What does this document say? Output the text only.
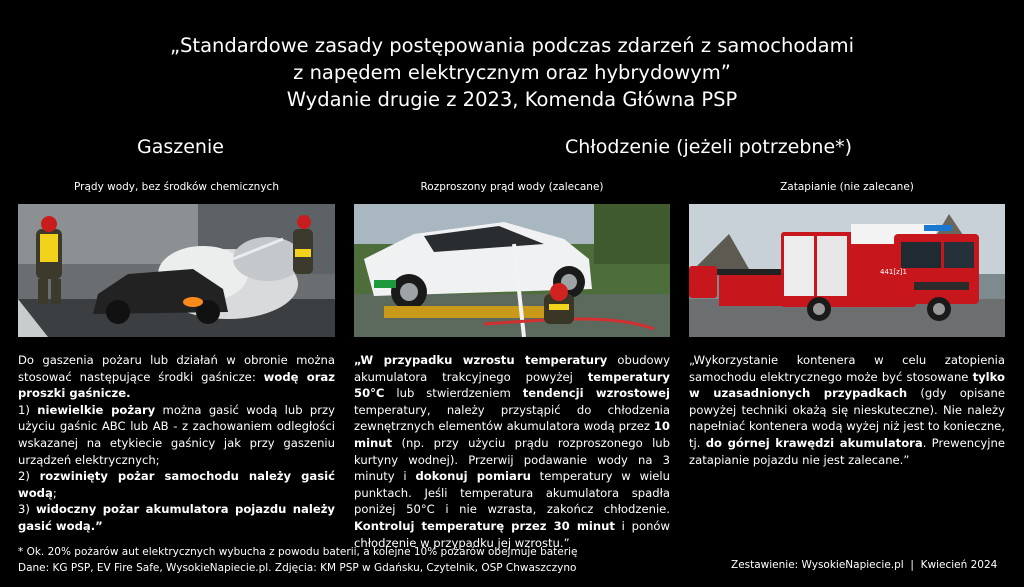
„Standardowe zasady postępowania podczas zdarzeń z samochodami
z napędem elektrycznym oraz hybrydowym”
Wydanie drugie z 2023, Komenda Główna PSP
Gaszenie	Chłodzenie (jeżeli potrzebne*)
Prądy wody, bez środków chemicznych	Rozproszony prąd wody (zalecane)	Zatapianie (nie zalecane)
441[z]1

Do gaszenia pożaru lub działań w obronie można stosować następujące środki gaśnicze: wodę oraz proszki gaśnicze.

1) niewielkie pożary można gasić wodą lub przy użyciu gaśnic ABC lub AB - z zachowaniem odległości wskazanej na etykiecie gaśnicy jak przy gaszeniu urządzeń elektrycznych;

2) rozwinięty pożar samochodu należy gasić wodą;

3) widoczny pożar akumulatora pojazdu należy gasić wodą.”

„W przypadku wzrostu temperatury obudowy akumulatora trakcyjnego powyżej temperatury 50°C lub stwierdzeniem tendencji wzrostowej temperatury, należy przystąpić do chłodzenia zewnętrznych elementów akumulatora wodą przez 10 minut (np. przy użyciu prądu rozproszonego lub kurtyny wodnej). Przerwij podawanie wody na 3 minuty i dokonuj pomiaru temperatury w wielu punktach. Jeśli temperatura akumulatora spadła poniżej 50°C i nie wzrasta, zakończ chłodzenie. Kontroluj temperaturę przez 30 minut i ponów chłodzenie w przypadku jej wzrostu.”

„Wykorzystanie kontenera w celu zatopienia samochodu elektrycznego może być stosowane tylko w uzasadnionych przypadkach (gdy opisane powyżej techniki okażą się nieskuteczne). Nie należy napełniać kontenera wodą wyżej niż jest to konieczne, tj. do górnej krawędzi akumulatora. Prewencyjne zatapianie pojazdu nie jest zalecane.”

* Ok. 20% pożarów aut elektrycznych wybucha z powodu baterii, a kolejne 10% pożarów obejmuje baterię
Dane: KG PSP, EV Fire Safe, WysokieNapiecie.pl. Zdjęcia: KM PSP w Gdańsku, Czytelnik, OSP Chwaszczyno	Zestawienie: WysokieNapiecie.pl  |  Kwiecień 2024
